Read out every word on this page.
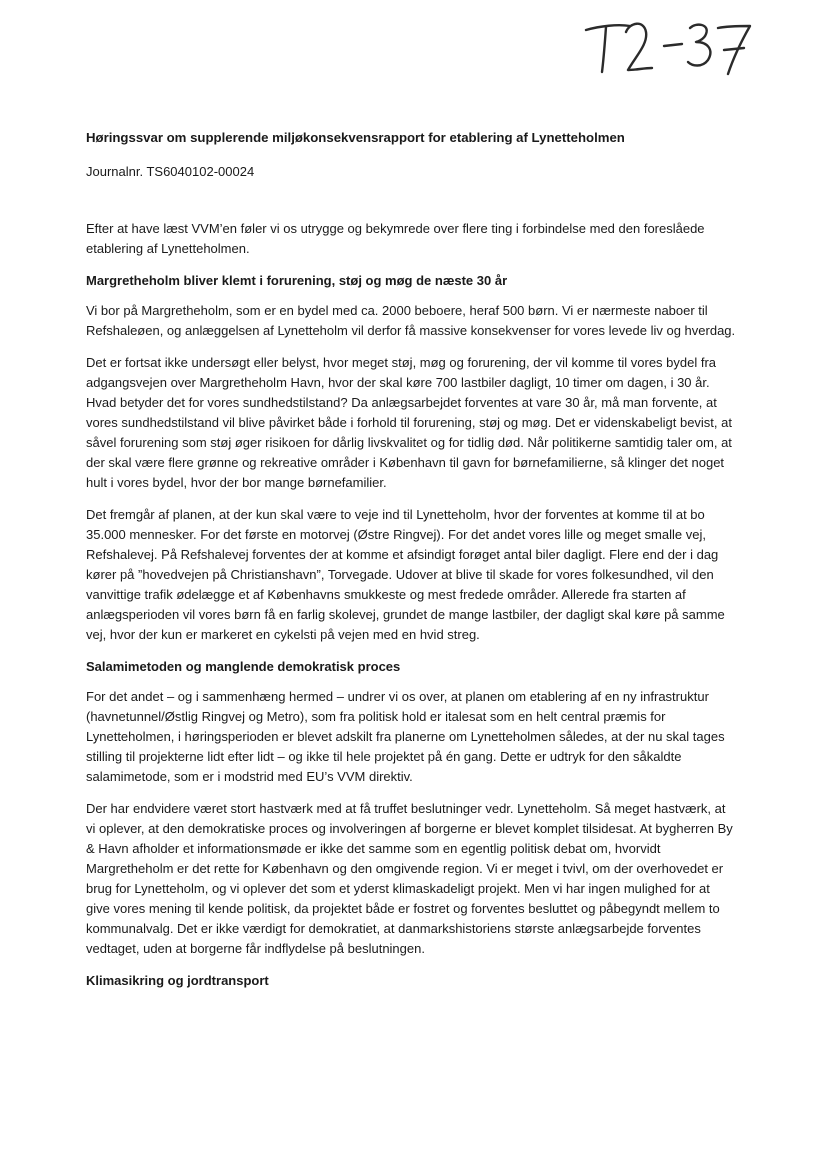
Høringssvar om supplerende miljøkonsekvensrapport for etablering af Lynetteholmen

Journalnr. TS6040102-00024

Efter at have læst VVM’en føler vi os utrygge og bekymrede over flere ting i forbindelse med den foreslåede etablering af Lynetteholmen.

Margretheholm bliver klemt i forurening, støj og møg de næste 30 år

Vi bor på Margretheholm, som er en bydel med ca. 2000 beboere, heraf 500 børn. Vi er nærmeste naboer til Refshaleøen, og anlæggelsen af Lynetteholm vil derfor få massive konsekvenser for vores levede liv og hverdag.

Det er fortsat ikke undersøgt eller belyst, hvor meget støj, møg og forurening, der vil komme til vores bydel fra adgangsvejen over Margretheholm Havn, hvor der skal køre 700 lastbiler dagligt, 10 timer om dagen, i 30 år. Hvad betyder det for vores sundhedstilstand? Da anlægsarbejdet forventes at vare 30 år, må man forvente, at vores sundhedstilstand vil blive påvirket både i forhold til forurening, støj og møg. Det er videnskabeligt bevist, at såvel forurening som støj øger risikoen for dårlig livskvalitet og for tidlig død. Når politikerne samtidig taler om, at der skal være flere grønne og rekreative områder i København til gavn for børnefamilierne, så klinger det noget hult i vores bydel, hvor der bor mange børnefamilier.

Det fremgår af planen, at der kun skal være to veje ind til Lynetteholm, hvor der forventes at komme til at bo 35.000 mennesker. For det første en motorvej (Østre Ringvej). For det andet vores lille og meget smalle vej, Refshalevej. På Refshalevej forventes der at komme et afsindigt forøget antal biler dagligt. Flere end der i dag kører på ”hovedvejen på Christianshavn”, Torvegade. Udover at blive til skade for vores folkesundhed, vil den vanvittige trafik ødelægge et af Københavns smukkeste og mest fredede områder. Allerede fra starten af anlægsperioden vil vores børn få en farlig skolevej, grundet de mange lastbiler, der dagligt skal køre på samme vej, hvor der kun er markeret en cykelsti på vejen med en hvid streg.

Salamimetoden og manglende demokratisk proces

For det andet – og i sammenhæng hermed – undrer vi os over, at planen om etablering af en ny infrastruktur (havnetunnel/Østlig Ringvej og Metro), som fra politisk hold er italesat som en helt central præmis for Lynetteholmen, i høringsperioden er blevet adskilt fra planerne om Lynetteholmen således, at der nu skal tages stilling til projekterne lidt efter lidt – og ikke til hele projektet på én gang. Dette er udtryk for den såkaldte salamimetode, som er i modstrid med EU’s VVM direktiv.

Der har endvidere været stort hastværk med at få truffet beslutninger vedr. Lynetteholm. Så meget hastværk, at vi oplever, at den demokratiske proces og involveringen af borgerne er blevet komplet tilsidesat. At bygherren By & Havn afholder et informationsmøde er ikke det samme som en egentlig politisk debat om, hvorvidt Margretheholm er det rette for København og den omgivende region. Vi er meget i tvivl, om der overhovedet er brug for Lynetteholm, og vi oplever det som et yderst klimaskadeligt projekt. Men vi har ingen mulighed for at give vores mening til kende politisk, da projektet både er fostret og forventes besluttet og påbegyndt mellem to kommunalvalg. Det er ikke værdigt for demokratiet, at danmarkshistoriens største anlægsarbejde forventes vedtaget, uden at borgerne får indflydelse på beslutningen.

Klimasikring og jordtransport
